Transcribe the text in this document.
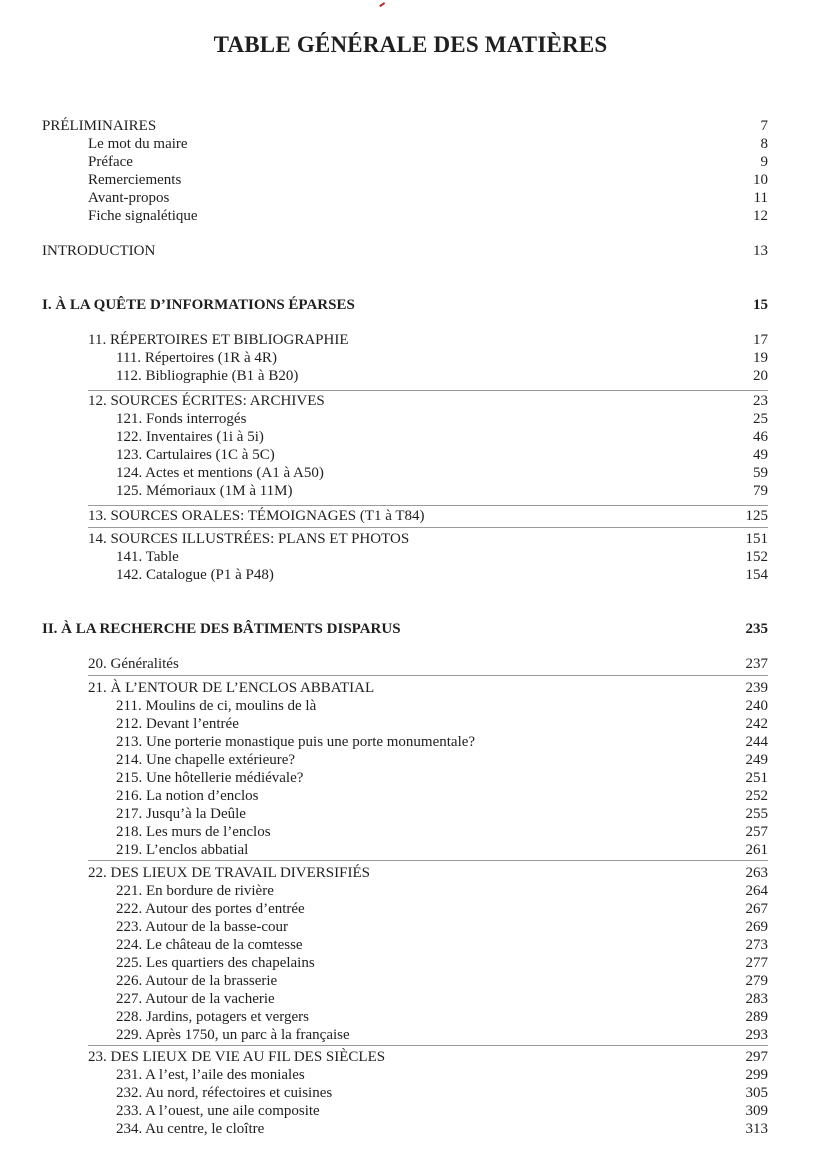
TABLE GÉNÉRALE DES MATIÈRES
PRÉLIMINAIRES	7
Le mot du maire	8
Préface	9
Remerciements	10
Avant-propos	11
Fiche signalétique	12
INTRODUCTION	13
I. À LA QUÊTE D’INFORMATIONS ÉPARSES	15
11. RÉPERTOIRES ET BIBLIOGRAPHIE	17
111. Répertoires (1R à 4R)	19
112. Bibliographie (B1 à B20)	20
12. SOURCES ÉCRITES: ARCHIVES	23
121. Fonds interrogés	25
122. Inventaires (1i à 5i)	46
123. Cartulaires (1C à 5C)	49
124. Actes et mentions (A1 à A50)	59
125. Mémoriaux (1M à 11M)	79
13. SOURCES ORALES: TÉMOIGNAGES (T1 à T84)	125
14. SOURCES ILLUSTRÉES: PLANS ET PHOTOS	151
141. Table	152
142. Catalogue (P1 à P48)	154
II. À LA RECHERCHE DES BÂTIMENTS DISPARUS	235
20. Généralités	237
21. À L’ENTOUR DE L’ENCLOS ABBATIAL	239
211. Moulins de ci, moulins de là	240
212. Devant l’entrée	242
213. Une porterie monastique puis une porte monumentale?	244
214. Une chapelle extérieure?	249
215. Une hôtellerie médiévale?	251
216. La notion d’enclos	252
217. Jusqu’à la Deûle	255
218. Les murs de l’enclos	257
219. L’enclos abbatial	261
22. DES LIEUX DE TRAVAIL DIVERSIFIÉS	263
221. En bordure de rivière	264
222. Autour des portes d’entrée	267
223. Autour de la basse-cour	269
224. Le château de la comtesse	273
225. Les quartiers des chapelains	277
226. Autour de la brasserie	279
227. Autour de la vacherie	283
228. Jardins, potagers et vergers	289
229. Après 1750, un parc à la française	293
23. DES LIEUX DE VIE AU FIL DES SIÈCLES	297
231. A l’est, l’aile des moniales	299
232. Au nord, réfectoires et cuisines	305
233. A l’ouest, une aile composite	309
234. Au centre, le cloître	313
